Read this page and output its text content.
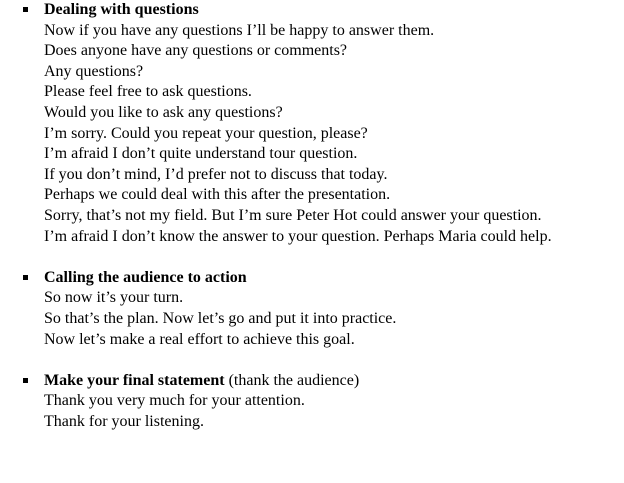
Dealing with questions

Now if you have any questions I’ll be happy to answer them.

Does anyone have any questions or comments?

Any questions?

Please feel free to ask questions.

Would you like to ask any questions?

I’m sorry. Could you repeat your question, please?

I’m afraid I don’t quite understand tour question.

If you don’t mind, I’d prefer not to discuss that today.

Perhaps we could deal with this after the presentation.

Sorry, that’s not my field. But I’m sure Peter Hot could answer your question.

I’m afraid I don’t know the answer to your question. Perhaps Maria could help.

Calling the audience to action

So now it’s your turn.

So that’s the plan. Now let’s go and put it into practice.

Now let’s make a real effort to achieve this goal.

Make your final statement (thank the audience)

Thank you very much for your attention.

Thank for your listening.
